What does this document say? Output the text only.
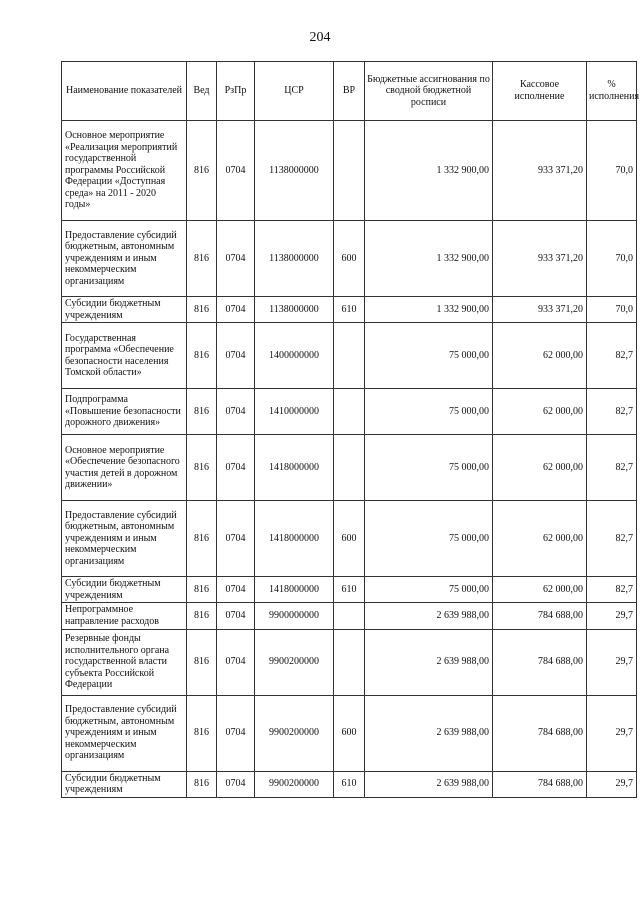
204
Наименование показателей	Вед	РзПр	ЦСР	ВР	Бюджетные ассигнования по сводной бюджетной росписи	Кассовое исполнение	% исполнения
Основное мероприятие «Реализация мероприятий государственной программы Российской Федерации «Доступная среда» на 2011 - 2020 годы»	816	0704	1138000000		1 332 900,00	933 371,20	70,0
Предоставление субсидий бюджетным, автономным учреждениям и иным некоммерческим организациям	816	0704	1138000000	600	1 332 900,00	933 371,20	70,0
Субсидии бюджетным учреждениям	816	0704	1138000000	610	1 332 900,00	933 371,20	70,0
Государственная программа «Обеспечение безопасности населения Томской области»	816	0704	1400000000		75 000,00	62 000,00	82,7
Подпрограмма «Повышение безопасности дорожного движения»	816	0704	1410000000		75 000,00	62 000,00	82,7
Основное мероприятие «Обеспечение безопасного участия детей в дорожном движении»	816	0704	1418000000		75 000,00	62 000,00	82,7
Предоставление субсидий бюджетным, автономным учреждениям и иным некоммерческим организациям	816	0704	1418000000	600	75 000,00	62 000,00	82,7
Субсидии бюджетным учреждениям	816	0704	1418000000	610	75 000,00	62 000,00	82,7
Непрограммное направление расходов	816	0704	9900000000		2 639 988,00	784 688,00	29,7
Резервные фонды исполнительного органа государственной власти субъекта Российской Федерации	816	0704	9900200000		2 639 988,00	784 688,00	29,7
Предоставление субсидий бюджетным, автономным учреждениям и иным некоммерческим организациям	816	0704	9900200000	600	2 639 988,00	784 688,00	29,7
Субсидии бюджетным учреждениям	816	0704	9900200000	610	2 639 988,00	784 688,00	29,7
